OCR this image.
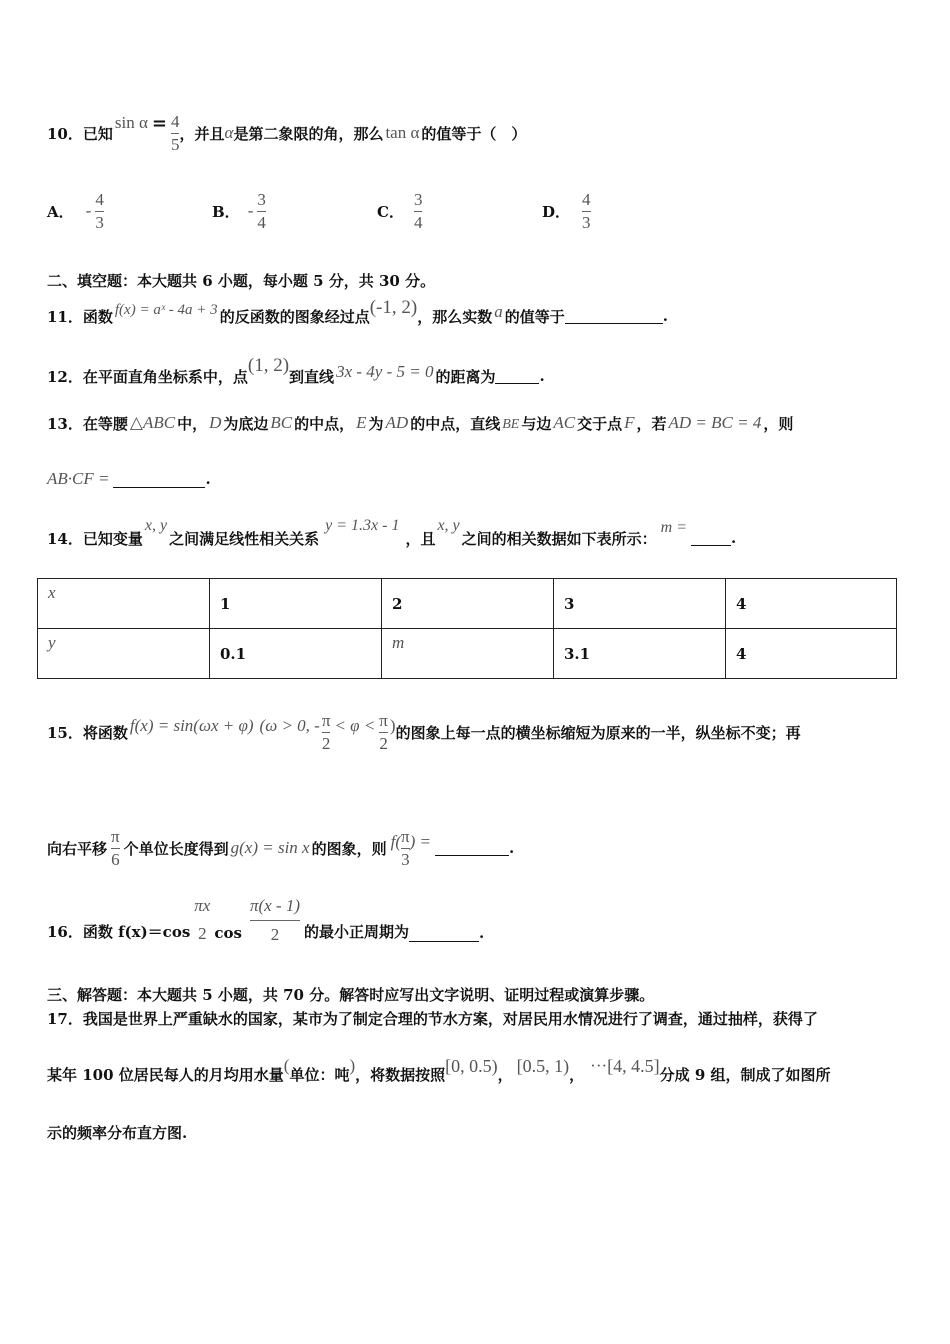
10． 已知
$\sin \alpha = \frac{4}{5}$ ，并且 α 是第二象限的角，那么 tan α 的值等于（　）
A． - $\frac{4}{3}$	B． - $\frac{3}{4}$	C． $\frac{3}{4}$	D． $\frac{4}{3}$
二、填空题：本大题共 6 小题，每小题 5 分，共 30 分。
11． 函数 f(x) = aˣ - 4a + 3 的反函数的图象经过点 (-1, 2) ，那么实数 a 的值等于	.
12． 在平面直角坐标系中，点
(1, 2)
到直线 3x - 4y - 5 = 0 的距离为	.
13． 在等腰 △ABC 中， D 为底边 BC 的中点， E 为 AD 的中点，直线 BE 与边 AC 交于点 F ，若 AD = BC = 4 ，则
AB·CF =	.
14． 已知变量
x, y
之间满足线性相关关系
y = 1.3x - 1
，且
x, y
之间的相关数据如下表所示：
m =
.
x	1	2	3	4
y	0.1	m	3.1	4
15． 将函数 f(x) = sin(ωx + φ) (ω > 0, - $\frac{\pi}{2} < \varphi < \frac{\pi}{2}$ ) 的图象上每一点的横坐标缩短为原来的一半，纵坐标不变；再
向右平移 $\frac{\pi}{6}$ 个单位长度得到 g(x) = sin x 的图象，则 $f( \frac{\pi}{3}$ ) =	.
16． 函数 f(x)＝cos
πx
2 $\cos \frac{\pi(x - 1)}{2}$ 的最小正周期为	.
三、解答题：本大题共 5 小题，共 70 分。解答时应写出文字说明、证明过程或演算步骤。
17．我国是世界上严重缺水的国家，某市为了制定合理的节水方案，对居民用水情况进行了调查，通过抽样，获得了
某年 100 位居民每人的月均用水量 ( 单位：吨 ) ，将数据按照 [0, 0.5) ， [0.5, 1) ， ··· [4, 4.5] 分成 9 组，制成了如图所
示的频率分布直方图.
